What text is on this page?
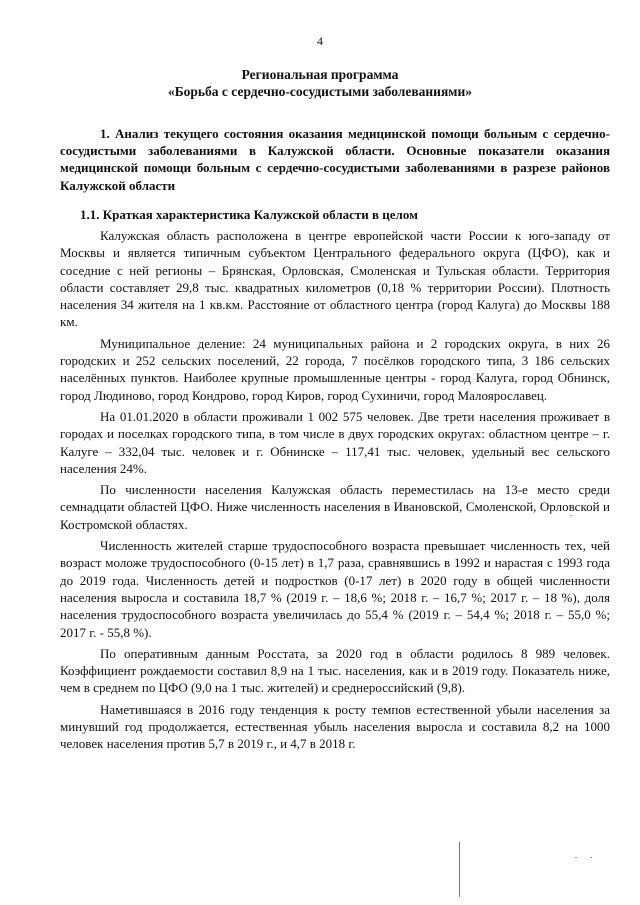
4
Региональная программа
«Борьба с сердечно-сосудистыми заболеваниями»
1. Анализ текущего состояния оказания медицинской помощи больным с сердечно-сосудистыми заболеваниями в Калужской области. Основные показатели оказания медицинской помощи больным с сердечно-сосудистыми заболеваниями в разрезе районов Калужской области
1.1. Краткая характеристика Калужской области в целом

Калужская область расположена в центре европейской части России к юго-западу от Москвы и является типичным субъектом Центрального федерального округа (ЦФО), как и соседние с ней регионы – Брянская, Орловская, Смоленская и Тульская области. Территория области составляет 29,8 тыс. квадратных километров (0,18 % территории России). Плотность населения 34 жителя на 1 кв.км. Расстояние от областного центра (город Калуга) до Москвы 188 км.

Муниципальное деление: 24 муниципальных района и 2 городских округа, в них 26 городских и 252 сельских поселений, 22 города, 7 посёлков городского типа, 3 186 сельских населённых пунктов. Наиболее крупные промышленные центры - город Калуга, город Обнинск, город Людиново, город Кондрово, город Киров, город Сухиничи, город Малоярославец.

На 01.01.2020 в области проживали 1 002 575 человек. Две трети населения проживает в городах и поселках городского типа, в том числе в двух городских округах: областном центре – г. Калуге – 332,04 тыс. человек и г. Обнинске – 117,41 тыс. человек, удельный вес сельского населения 24%.

По численности населения Калужская область переместилась на 13-е место среди семнадцати областей ЦФО. Ниже численность населения в Ивановской, Смоленской, Орловской и Костромской областях.

Численность жителей старше трудоспособного возраста превышает численность тех, чей возраст моложе трудоспособного (0-15 лет) в 1,7 раза, сравнявшись в 1992 и нарастая с 1993 года до 2019 года. Численность детей и подростков (0-17 лет) в 2020 году в общей численности населения выросла и составила 18,7 % (2019 г. – 18,6 %; 2018 г. – 16,7 %; 2017 г. – 18 %), доля населения трудоспособного возраста увеличилась до 55,4 % (2019 г. – 54,4 %; 2018 г. – 55,0 %; 2017 г. - 55,8 %).

По оперативным данным Росстата, за 2020 год в области родилось 8 989 человек. Коэффициент рождаемости составил 8,9 на 1 тыс. населения, как и в 2019 году. Показатель ниже, чем в среднем по ЦФО (9,0 на 1 тыс. жителей) и среднероссийский (9,8).

Наметившаяся в 2016 году тенденция к росту темпов естественной убыли населения за минувший год продолжается, естественная убыль населения выросла и составила 8,2 на 1000 человек населения против 5,7 в 2019 г., и 4,7 в 2018 г.
